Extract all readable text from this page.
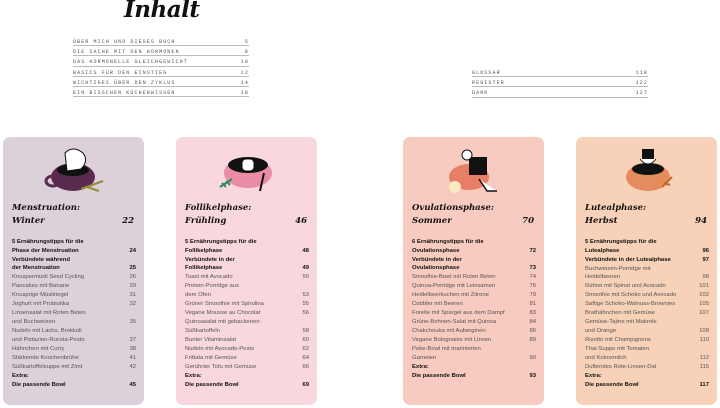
Inhalt
ÜBER MICH UND DIESES BUCH	5
DIE SACHE MIT DEN HORMONEN	8
DAS HORMONELLE GLEICHGEWICHT	10
BASICS FÜR DEN EINSTIEG	12
WICHTIGES ÜBER DEN ZYKLUS	14
EIN BISSCHEN KÜCHENWISSEN	18
GLOSSAR	118
REGISTER	122
DANK	127
Menstruation:
Winter	22
5 Ernährungstipps für die
Phase der Menstruation	24
Verbündete während
der Menstruation	25
Knuspermüsli Seed Cycling	26
Pancakes mit Banane	29
Knusprige Müsliriegel	31
Joghurt mit Probiotika	32
Linsensalat mit Roten Beten
und Buchweizen	35
Nudeln mit Lachs, Brokkoli
und Pistazien-Rucola-Pesto	37
Hähnchen mit Curry	38
Stärkende Knochenbrühe	41
Süßkartoffelsuppe mit Zimt	42
Extra:
Die passende Bowl	45
Follikelphase:
Frühling	46
5 Ernährungstipps für die
Follikelphase	48
Verbündete in der
Follikelphase	49
Toast mit Avocado	50
Protein-Porridge aus
dem Ofen	53
Grüner Smoothie mit Spirulina	55
Vegane Mousse au Chocolat	56
Quinoasalat mit gebackenen
Süßkartoffeln	58
Bunter Vitaminsalat	60
Nudeln mit Avocado-Pesto	62
Frittata mit Gemüse	64
Gerührter Tofu mit Gemüse	66
Extra:
Die passende Bowl	69
Ovulationsphase:
Sommer	70
6 Ernährungstipps für die
Ovulationsphase	72
Verbündete in der
Ovulationsphase	73
Smoothie-Bowl mit Roten Beten	74
Quinoa-Porridge mit Leinsamen	76
Heidelbeerkuchen mit Zitrone	79
Cobbler mit Beeren	81
Forelle mit Spargel aus dem Dampf	83
Grüne-Bohnen-Salat mit Quinoa	84
Chakchouka mit Auberginen	86
Vegane Bolognaise mit Linsen	89
Poke-Bowl mit marinierten
Garnelen	90
Extra:
Die passende Bowl	93
Lutealphase:
Herbst	94
5 Ernährungstipps für die
Lutealphase	96
Verbündete in der Lutealphase	97
Buchweizen-Porridge mit
Heidelbeeren	98
Rührei mit Spinat und Avocado	101
Smoothie mit Schoko und Avocado	102
Saftige Schoko-Walnuss-Brownies	105
Brathähnchen mit Gemüse	107
Gemüse-Tajine mit Makrele
und Orange	108
Risotto mit Champignons	110
Thai-Suppe mit Tomaten
und Kokosmilch	112
Duftendes Rote-Linsen-Dal	115
Extra:
Die passende Bowl	117
